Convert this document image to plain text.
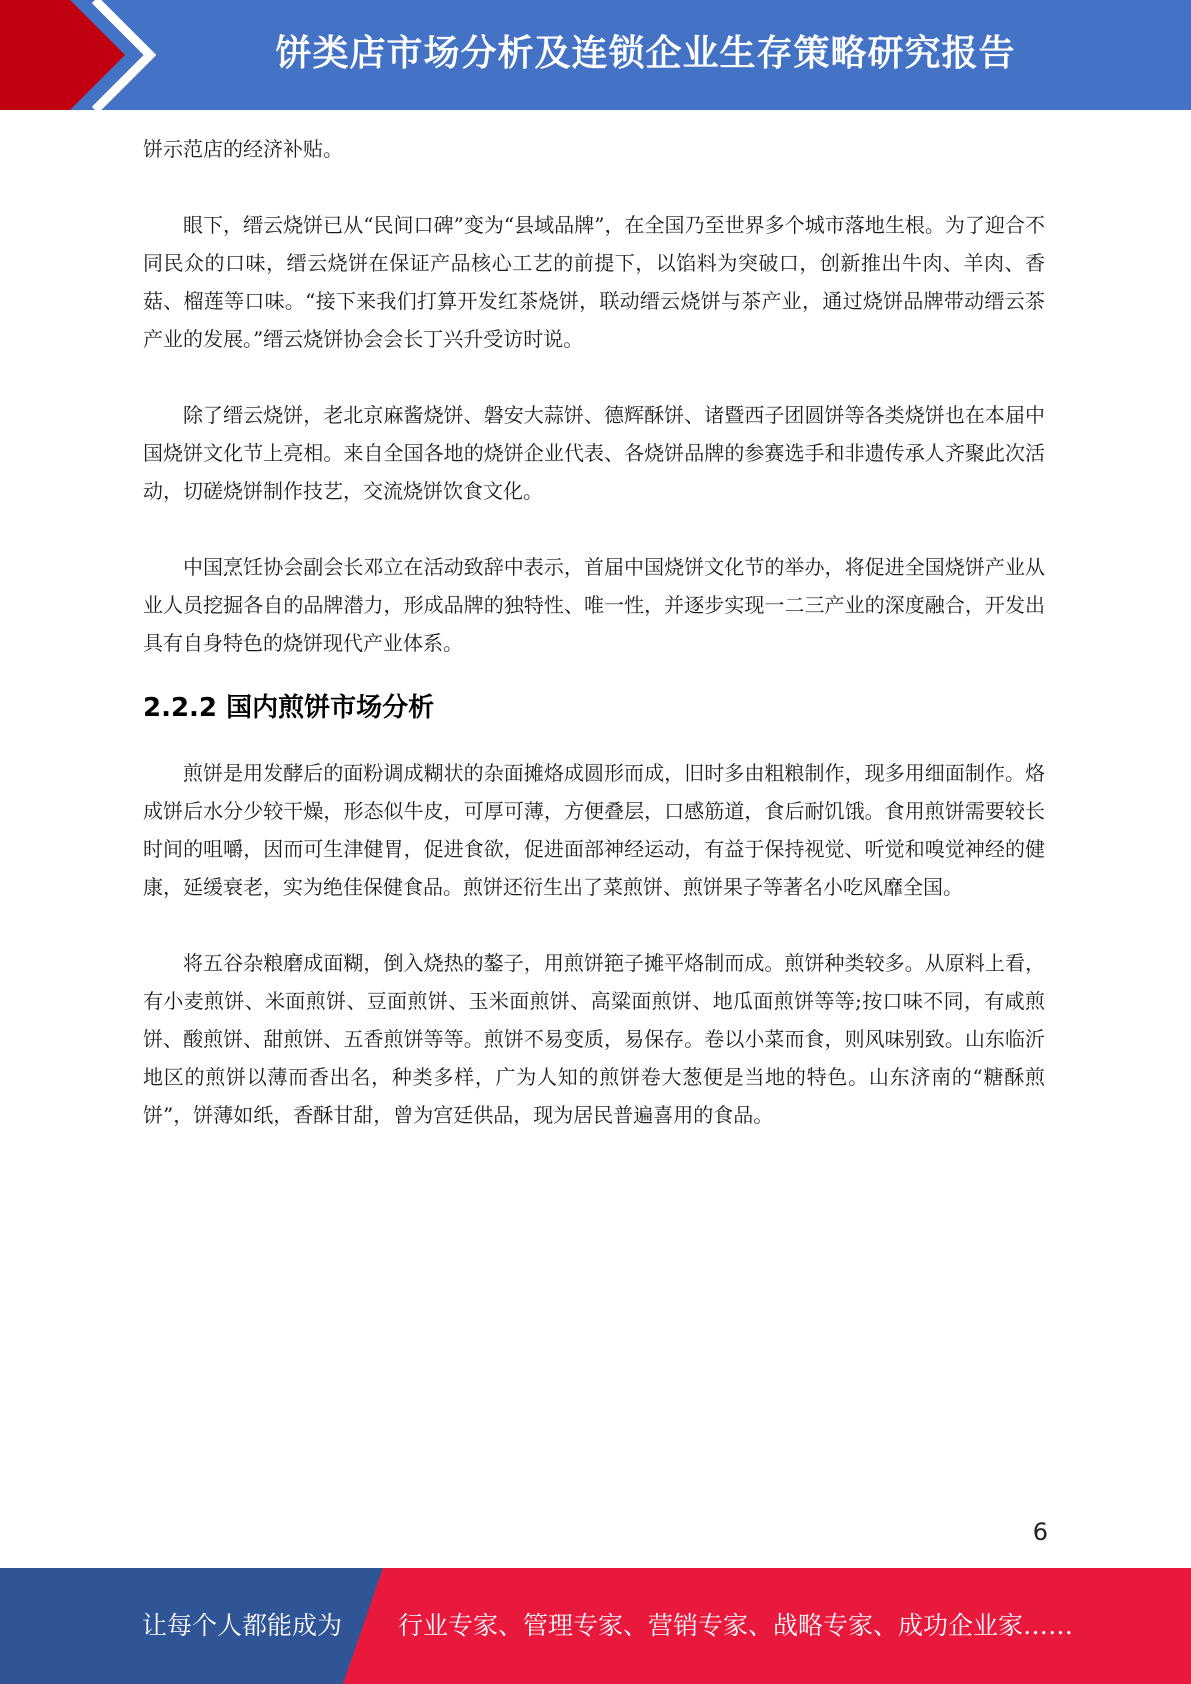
饼类店市场分析及连锁企业生存策略研究报告

饼示范店的经济补贴。

眼下，缙云烧饼已从“民间口碑”变为“县域品牌”，在全国乃至世界多个城市落地生根。为了迎合不同民众的口味，缙云烧饼在保证产品核心工艺的前提下，以馅料为突破口，创新推出牛肉、羊肉、香菇、榴莲等口味。“接下来我们打算开发红茶烧饼，联动缙云烧饼与茶产业，通过烧饼品牌带动缙云茶产业的发展。”缙云烧饼协会会长丁兴升受访时说。

除了缙云烧饼，老北京麻酱烧饼、磐安大蒜饼、德辉酥饼、诸暨西子团圆饼等各类烧饼也在本届中国烧饼文化节上亮相。来自全国各地的烧饼企业代表、各烧饼品牌的参赛选手和非遗传承人齐聚此次活动，切磋烧饼制作技艺，交流烧饼饮食文化。

中国烹饪协会副会长邓立在活动致辞中表示，首届中国烧饼文化节的举办，将促进全国烧饼产业从业人员挖掘各自的品牌潜力，形成品牌的独特性、唯一性，并逐步实现一二三产业的深度融合，开发出具有自身特色的烧饼现代产业体系。

2.2.2 国内煎饼市场分析

煎饼是用发酵后的面粉调成糊状的杂面摊烙成圆形而成，旧时多由粗粮制作，现多用细面制作。烙成饼后水分少较干燥，形态似牛皮，可厚可薄，方便叠层，口感筋道，食后耐饥饿。食用煎饼需要较长时间的咀嚼，因而可生津健胃，促进食欲，促进面部神经运动，有益于保持视觉、听觉和嗅觉神经的健康，延缓衰老，实为绝佳保健食品。煎饼还衍生出了菜煎饼、煎饼果子等著名小吃风靡全国。

将五谷杂粮磨成面糊，倒入烧热的鏊子，用煎饼筢子摊平烙制而成。煎饼种类较多。从原料上看，有小麦煎饼、米面煎饼、豆面煎饼、玉米面煎饼、高粱面煎饼、地瓜面煎饼等等;按口味不同，有咸煎饼、酸煎饼、甜煎饼、五香煎饼等等。煎饼不易变质，易保存。卷以小菜而食，则风味别致。山东临沂地区的煎饼以薄而香出名，种类多样，广为人知的煎饼卷大葱便是当地的特色。山东济南的“糖酥煎饼”，饼薄如纸，香酥甘甜，曾为宫廷供品，现为居民普遍喜用的食品。

6
让每个人都能成为 行业专家、管理专家、营销专家、战略专家、成功企业家……
